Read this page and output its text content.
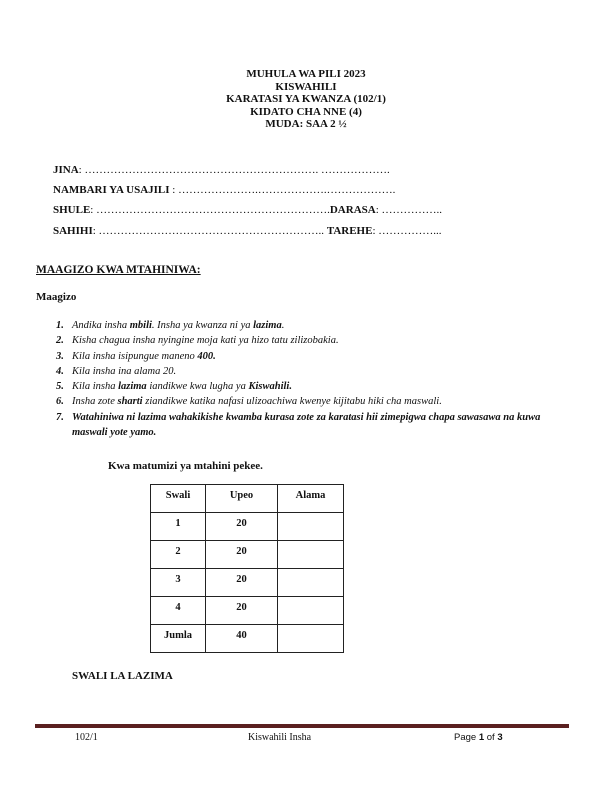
MUHULA WA PILI 2023
KISWAHILI
KARATASI YA KWANZA (102/1)
KIDATO CHA NNE (4)
MUDA: SAA 2 ½
JINA: ………………………………………………………. ……………….
NAMBARI YA USAJILI : ………………….……………….……………….
SHULE: ……………………………………………………….DARASA: ……………..
SAHIHI: …………………………………………………….. TAREHE: ……………...
MAAGIZO KWA MTAHINIWA:
Maagizo
1. Andika insha mbili. Insha ya kwanza ni ya lazima.
2. Kisha chagua insha nyingine moja kati ya hizo tatu zilizobakia.
3. Kila insha isipungue maneno 400.
4. Kila insha ina alama 20.
5. Kila insha lazima iandikwe kwa lugha ya Kiswahili.
6. Insha zote sharti ziandikwe katika nafasi ulizoachiwa kwenye kijitabu hiki cha maswali.
7. Watahiniwa ni lazima wahakikishe kwamba kurasa zote za karatasi hii zimepigwa chapa sawasawa na kuwa maswali yote yamo.
Kwa matumizi ya mtahini pekee.
Swali	Upeo	Alama
1	20	
2	20	
3	20	
4	20	
Jumla	40	
SWALI LA LAZIMA
102/1	Kiswahili Insha	Page 1 of 3
